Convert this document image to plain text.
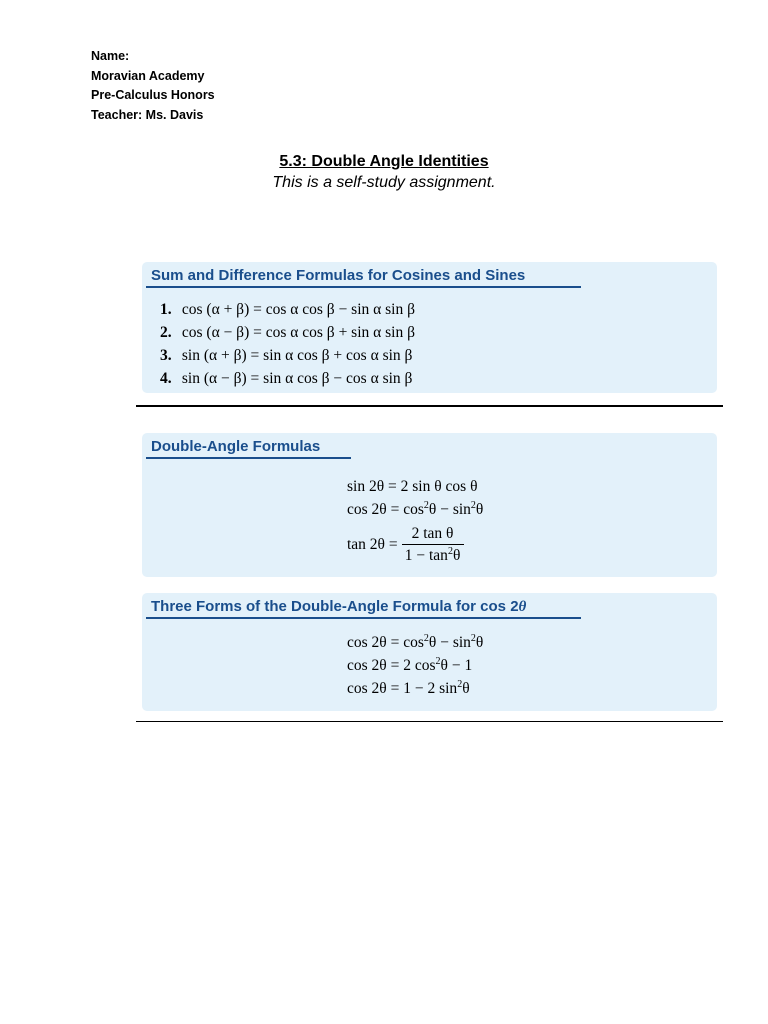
Name:
Moravian Academy
Pre-Calculus Honors
Teacher: Ms. Davis
5.3: Double Angle Identities
This is a self-study assignment.
Sum and Difference Formulas for Cosines and Sines
1. cos (α + β) = cos α cos β − sin α sin β
2. cos (α − β) = cos α cos β + sin α sin β
3. sin (α + β) = sin α cos β + cos α sin β
4. sin (α − β) = sin α cos β − cos α sin β
Double-Angle Formulas
sin 2θ = 2 sin θ cos θ
$\cos 2\theta = \cos^2\theta - \sin^2\theta$
tan 2θ
= $\frac{\text{2 tan θ}}{1 - \tan^2\theta}$
Three Forms of the Double-Angle Formula for cos 2θ
$\cos 2\theta = \cos^2\theta - \sin^2\theta$
cos 2θ = 2 $\cos^2\theta - 1$
cos 2θ = 1 − 2 $\sin^2\theta$
